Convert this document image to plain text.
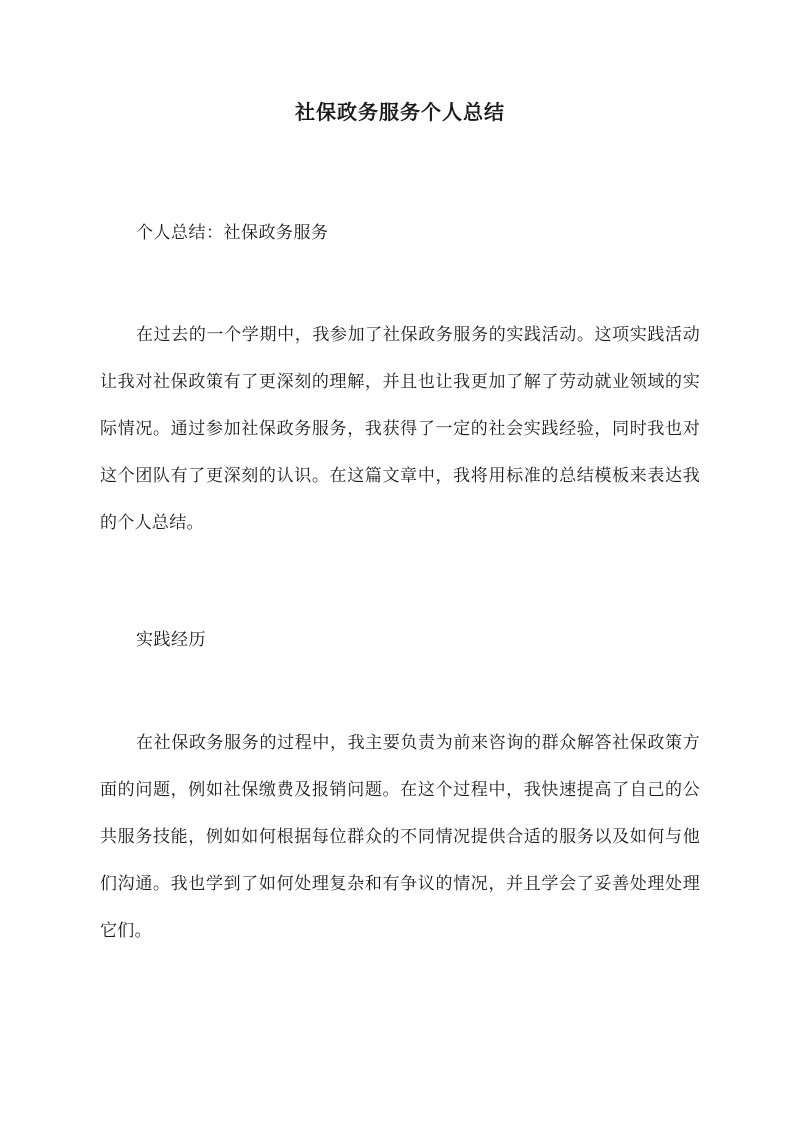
社保政务服务个人总结

个人总结：社保政务服务

在过去的一个学期中，我参加了社保政务服务的实践活动。这项实践活动让我对社保政策有了更深刻的理解，并且也让我更加了解了劳动就业领域的实际情况。通过参加社保政务服务，我获得了一定的社会实践经验，同时我也对这个团队有了更深刻的认识。在这篇文章中，我将用标准的总结模板来表达我的个人总结。

实践经历

在社保政务服务的过程中，我主要负责为前来咨询的群众解答社保政策方面的问题，例如社保缴费及报销问题。在这个过程中，我快速提高了自己的公共服务技能，例如如何根据每位群众的不同情况提供合适的服务以及如何与他们沟通。我也学到了如何处理复杂和有争议的情况，并且学会了妥善处理处理它们。
